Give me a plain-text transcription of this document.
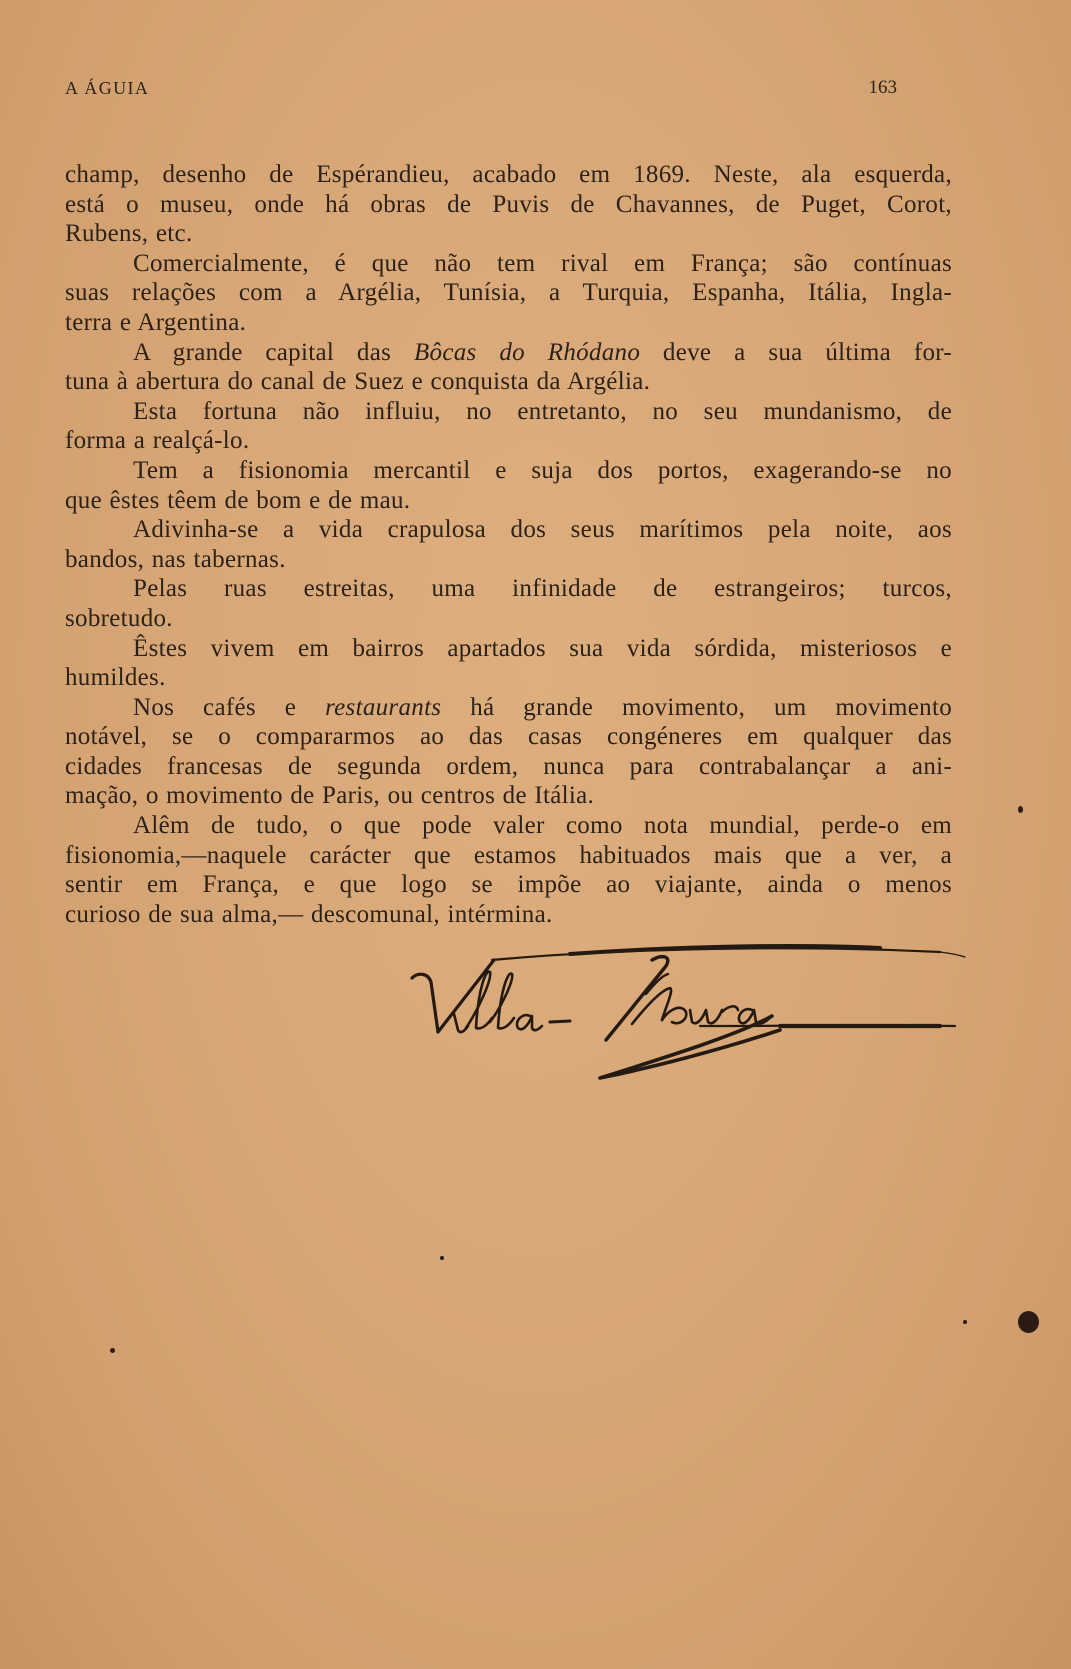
A ÁGUIA	163

champ, desenho de Espérandieu, acabado em 1869. Neste, ala esquerda,
está o museu, onde há obras de Puvis de Chavannes, de Puget, Corot,
Rubens, etc.

Comercialmente, é que não tem rival em França; são contínuas
suas relações com a Argélia, Tunísia, a Turquia, Espanha, Itália, Ingla-
terra e Argentina.

A grande capital das Bôcas do Rhódano deve a sua última for-
tuna à abertura do canal de Suez e conquista da Argélia.

Esta fortuna não influiu, no entretanto, no seu mundanismo, de
forma a realçá-lo.

Tem a fisionomia mercantil e suja dos portos, exagerando-se no
que êstes têem de bom e de mau.

Adivinha-se a vida crapulosa dos seus marítimos pela noite, aos
bandos, nas tabernas.

Pelas ruas estreitas, uma infinidade de estrangeiros; turcos,
sobretudo.

Êstes vivem em bairros apartados sua vida sórdida, misteriosos e
humildes.

Nos cafés e restaurants há grande movimento, um movimento
notável, se o compararmos ao das casas congéneres em qualquer das
cidades francesas de segunda ordem, nunca para contrabalançar a ani-
mação, o movimento de Paris, ou centros de Itália.

Alêm de tudo, o que pode valer como nota mundial, perde-o em
fisionomia,—naquele carácter que estamos habituados mais que a ver, a
sentir em França, e que logo se impõe ao viajante, ainda o menos
curioso de sua alma,— descomunal, intérmina.
